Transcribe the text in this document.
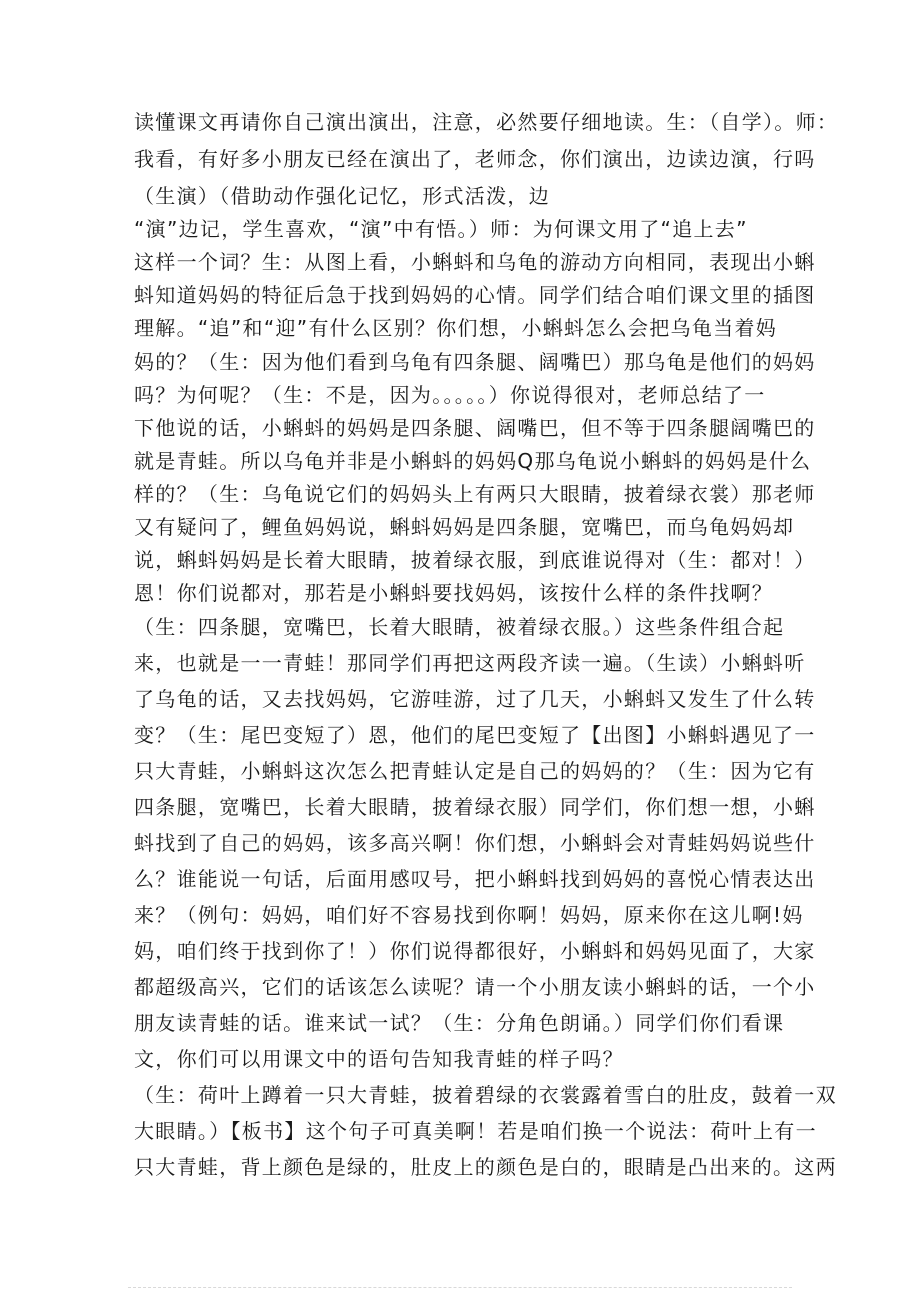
读懂课文再请你自己演出演出，注意，必然要仔细地读。生：（自学）。师：
我看，有好多小朋友已经在演出了，老师念，你们演出，边读边演，行吗
（生演）（借助动作强化记忆，形式活泼，边
“演”边记，学生喜欢，“演”中有悟。）师：为何课文用了“追上去”
这样一个词？生：从图上看，小蝌蚪和乌龟的游动方向相同，表现出小蝌
蚪知道妈妈的特征后急于找到妈妈的心情。同学们结合咱们课文里的插图
理解。“追”和“迎”有什么区别？你们想，小蝌蚪怎么会把乌龟当着妈
妈的？（生：因为他们看到乌龟有四条腿、阔嘴巴）那乌龟是他们的妈妈
吗？为何呢？（生：不是，因为。。。。。）你说得很对，老师总结了一
下他说的话，小蝌蚪的妈妈是四条腿、阔嘴巴，但不等于四条腿阔嘴巴的
就是青蛙。所以乌龟并非是小蝌蚪的妈妈Q那乌龟说小蝌蚪的妈妈是什么
样的？（生：乌龟说它们的妈妈头上有两只大眼睛，披着绿衣裳）那老师
又有疑问了，鲤鱼妈妈说，蝌蚪妈妈是四条腿，宽嘴巴，而乌龟妈妈却
说，蝌蚪妈妈是长着大眼睛，披着绿衣服，到底谁说得对（生：都对！）
恩！你们说都对，那若是小蝌蚪要找妈妈，该按什么样的条件找啊？
（生：四条腿，宽嘴巴，长着大眼睛，被着绿衣服。）这些条件组合起
来，也就是一一青蛙！那同学们再把这两段齐读一遍。（生读）小蝌蚪听
了乌龟的话，又去找妈妈，它游哇游，过了几天，小蝌蚪又发生了什么转
变？（生：尾巴变短了）恩，他们的尾巴变短了【出图】小蝌蚪遇见了一
只大青蛙，小蝌蚪这次怎么把青蛙认定是自己的妈妈的？（生：因为它有
四条腿，宽嘴巴，长着大眼睛，披着绿衣服）同学们，你们想一想，小蝌
蚪找到了自己的妈妈，该多高兴啊！你们想，小蝌蚪会对青蛙妈妈说些什
么？谁能说一句话，后面用感叹号，把小蝌蚪找到妈妈的喜悦心情表达出
来？（例句：妈妈，咱们好不容易找到你啊！妈妈，原来你在这儿啊!妈
妈，咱们终于找到你了！）你们说得都很好，小蝌蚪和妈妈见面了，大家
都超级高兴，它们的话该怎么读呢？请一个小朋友读小蝌蚪的话，一个小
朋友读青蛙的话。谁来试一试？（生：分角色朗诵。）同学们你们看课
文，你们可以用课文中的语句告知我青蛙的样子吗？
（生：荷叶上蹲着一只大青蛙，披着碧绿的衣裳露着雪白的肚皮，鼓着一双
大眼睛。）【板书】这个句子可真美啊！若是咱们换一个说法：荷叶上有一
只大青蛙，背上颜色是绿的，肚皮上的颜色是白的，眼睛是凸出来的。这两
